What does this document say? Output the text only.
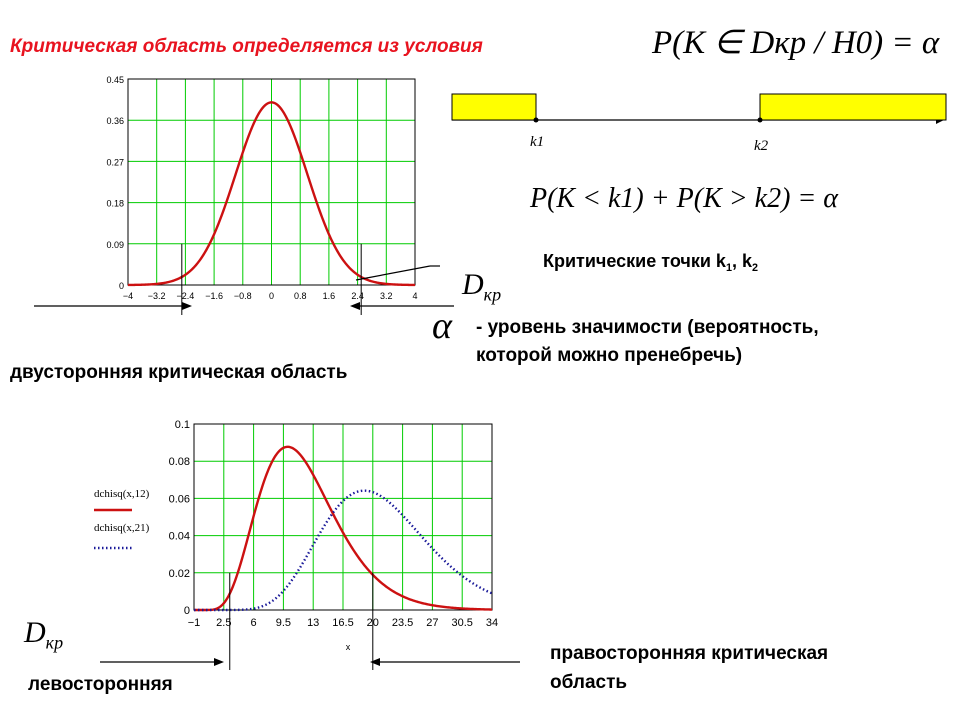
Критическая область определяется из условия	P(K ∈ Dкр / H0) = α
P(K < k1) + P(K > k2) = α
Критические точки $k_1$, $k_2$
$D_{кр}$
$D_{кр}$
α - уровень значимости (вероятность,
которой можно пренебречь)
двусторонняя критическая область
левосторонняя
правосторонняя критическая
область
k1	k2
−4 −3.2 −2.4 −1.6 −0.8 0 0.8 1.6 2.4 3.2 4
0
0.09
0.18
0.27
0.36
0.45
−1 2.5 6 9.5 13 16.5 20 23.5 27 30.5 34
0
0.02
0.04
0.06
0.08
0.1
x
dchisq(x,12)
dchisq(x,21)
